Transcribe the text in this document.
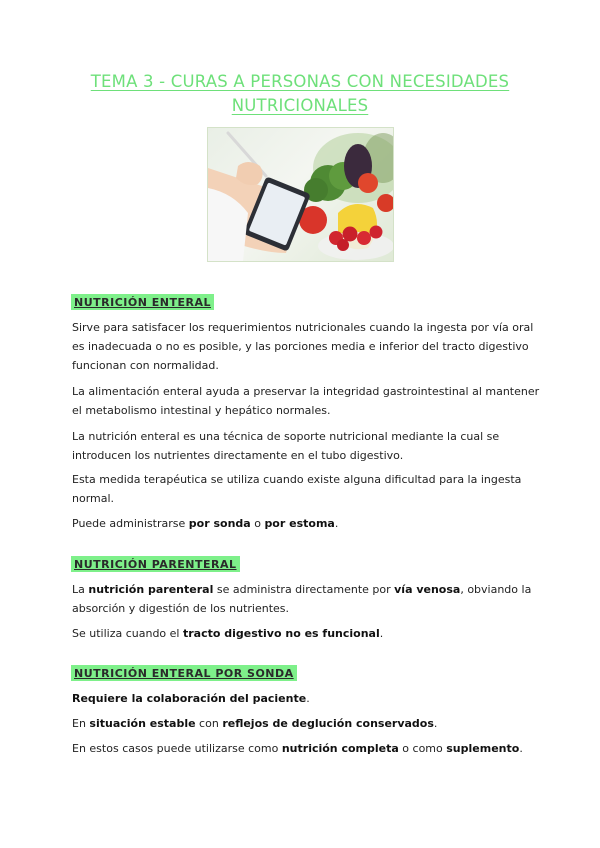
TEMA 3 - CURAS A PERSONAS CON NECESIDADES NUTRICIONALES
NUTRICIÓN ENTERAL
Sirve para satisfacer los requerimientos nutricionales cuando la ingesta por vía oral es inadecuada o no es posible, y las porciones media e inferior del tracto digestivo funcionan con normalidad.
La alimentación enteral ayuda a preservar la integridad gastrointestinal al mantener el metabolismo intestinal y hepático normales.
La nutrición enteral es una técnica de soporte nutricional mediante la cual se introducen los nutrientes directamente en el tubo digestivo.
Esta medida terapéutica se utiliza cuando existe alguna dificultad para la ingesta normal.
Puede administrarse por sonda o por estoma.
NUTRICIÓN PARENTERAL
La nutrición parenteral se administra directamente por vía venosa, obviando la absorción y digestión de los nutrientes.
Se utiliza cuando el tracto digestivo no es funcional.
NUTRICIÓN ENTERAL POR SONDA
Requiere la colaboración del paciente.
En situación estable con reflejos de deglución conservados.
En estos casos puede utilizarse como nutrición completa o como suplemento.
